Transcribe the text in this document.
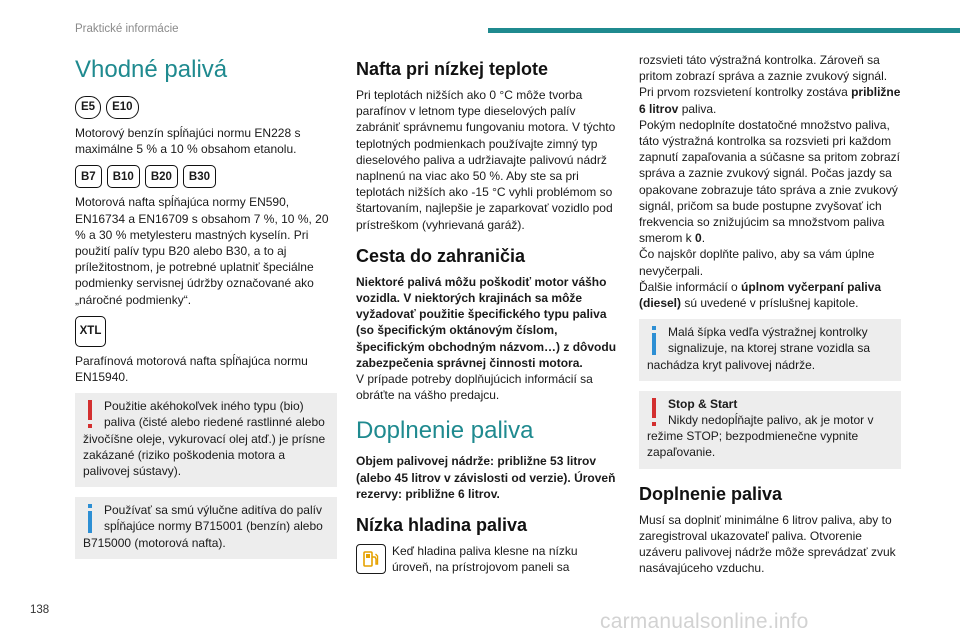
Praktické informácie
Vhodné palivá
E5	E10

Motorový benzín spĺňajúci normu EN228 s maximálne 5 % a 10 % obsahom etanolu.

B7	B10	B20	B30

Motorová nafta spĺňajúca normy EN590, EN16734 a EN16709 s obsahom 7 %, 10 %, 20 % a 30 % metylesteru mastných kyselín. Pri použití palív typu B20 alebo B30, a to aj príležitostnom, je potrebné uplatniť špeciálne podmienky servisnej údržby označované ako „náročné podmienky“.

XTL

Parafínová motorová nafta spĺňajúca normu EN15940.

Použitie akéhokoľvek iného typu (bio) paliva (čisté alebo riedené rastlinné alebo živočíšne oleje, vykurovací olej atď.) je prísne zakázané (riziko poškodenia motora a palivovej sústavy).
Používať sa smú výlučne aditíva do palív spĺňajúce normy B715001 (benzín) alebo B715000 (motorová nafta).
Nafta pri nízkej teplote

Pri teplotách nižších ako 0 °C môže tvorba parafínov v letnom type dieselových palív zabrániť správnemu fungovaniu motora. V týchto teplotných podmienkach používajte zimný typ dieselového paliva a udržiavajte palivovú nádrž naplnenú na viac ako 50 %. Aby ste sa pri teplotách nižších ako -15 °C vyhli problémom so štartovaním, najlepšie je zaparkovať vozidlo pod prístreškom (vyhrievaná garáž).

Cesta do zahraničia

Niektoré palivá môžu poškodiť motor vášho vozidla. V niektorých krajinách sa môže vyžadovať použitie špecifického typu paliva (so špecifickým oktánovým číslom, špecifickým obchodným názvom…) z dôvodu zabezpečenia správnej činnosti motora.

V prípade potreby doplňujúcich informácií sa obráťte na vášho predajcu.

Doplnenie paliva

Objem palivovej nádrže: približne 53 litrov (alebo 45 litrov v závislosti od verzie). Úroveň rezervy: približne 6 litrov.

Nízka hladina paliva

Keď hladina paliva klesne na nízku úroveň, na prístrojovom paneli sa

rozsvieti táto výstražná kontrolka. Zároveň sa pritom zobrazí správa a zaznie zvukový signál. Pri prvom rozsvietení kontrolky zostáva približne 6 litrov paliva.

Pokým nedoplníte dostatočné množstvo paliva, táto výstražná kontrolka sa rozsvieti pri každom zapnutí zapaľovania a súčasne sa pritom zobrazí správa a zaznie zvukový signál. Počas jazdy sa opakovane zobrazuje táto správa a znie zvukový signál, pričom sa bude postupne zvyšovať ich frekvencia so znižujúcim sa množstvom paliva smerom k 0.

Čo najskôr doplňte palivo, aby sa vám úplne nevyčerpali.

Ďalšie informácií o úplnom vyčerpaní paliva (diesel) sú uvedené v príslušnej kapitole.

Malá šípka vedľa výstražnej kontrolky signalizuje, na ktorej strane vozidla sa nachádza kryt palivovej nádrže.
Stop & Start
Nikdy nedopĺňajte palivo, ak je motor v režime STOP; bezpodmienečne vypnite zapaľovanie.
Doplnenie paliva

Musí sa doplniť minimálne 6 litrov paliva, aby to zaregistroval ukazovateľ paliva. Otvorenie uzáveru palivovej nádrže môže sprevádzať zvuk nasávajúceho vzduchu.

138	carmanualsonline.info
